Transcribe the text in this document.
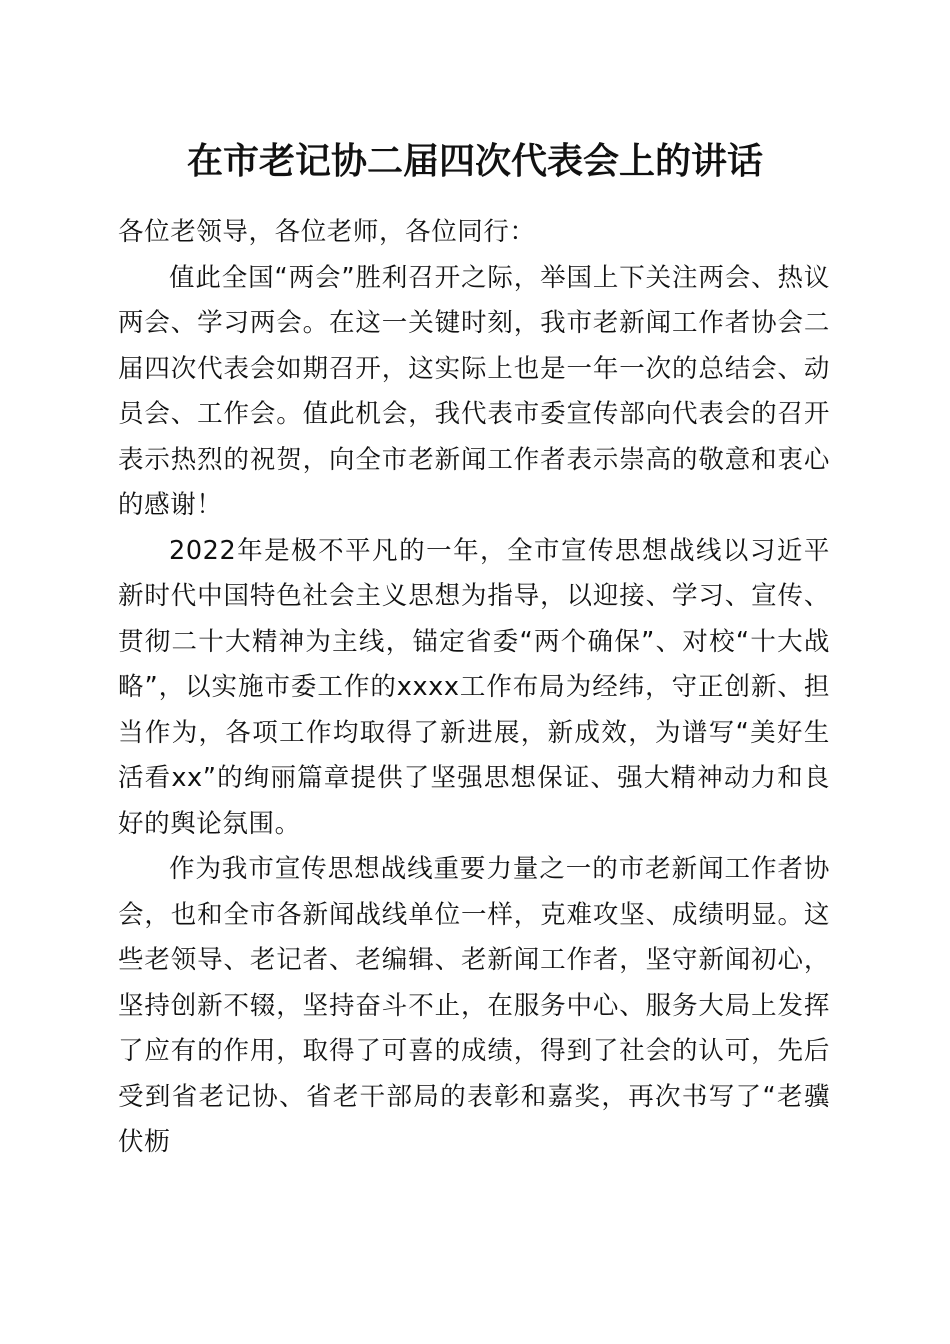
在市老记协二届四次代表会上的讲话

各位老领导，各位老师，各位同行：

值此全国“两会”胜利召开之际，举国上下关注两会、热议两会、学习两会。在这一关键时刻，我市老新闻工作者协会二届四次代表会如期召开，这实际上也是一年一次的总结会、动员会、工作会。值此机会，我代表市委宣传部向代表会的召开表示热烈的祝贺，向全市老新闻工作者表示崇高的敬意和衷心的感谢！

2022年是极不平凡的一年，全市宣传思想战线以习近平新时代中国特色社会主义思想为指导，以迎接、学习、宣传、贯彻二十大精神为主线，锚定省委“两个确保”、对校“十大战略”，以实施市委工作的xxxx工作布局为经纬，守正创新、担当作为，各项工作均取得了新进展，新成效，为谱写“美好生活看xx”的绚丽篇章提供了坚强思想保证、强大精神动力和良好的舆论氛围。

作为我市宣传思想战线重要力量之一的市老新闻工作者协会，也和全市各新闻战线单位一样，克难攻坚、成绩明显。这些老领导、老记者、老编辑、老新闻工作者，坚守新闻初心，坚持创新不辍，坚持奋斗不止，在服务中心、服务大局上发挥了应有的作用，取得了可喜的成绩，得到了社会的认可，先后受到省老记协、省老干部局的表彰和嘉奖，再次书写了“老骥伏枥
